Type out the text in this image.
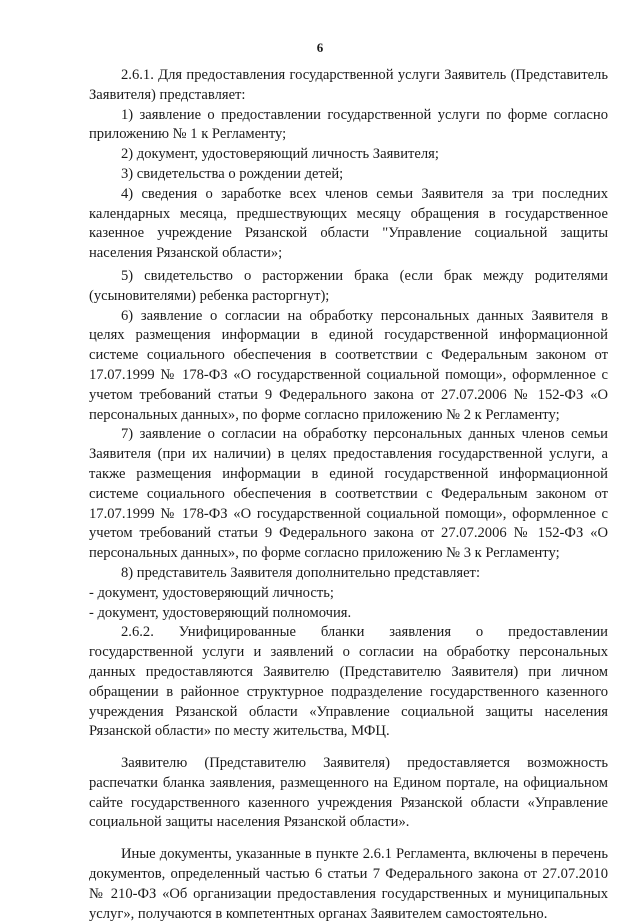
6

2.6.1. Для предоставления государственной услуги Заявитель (Представитель Заявителя) представляет:

1) заявление о предоставлении государственной услуги по форме согласно приложению № 1 к Регламенту;

2) документ, удостоверяющий личность Заявителя;

3) свидетельства о рождении детей;

4) сведения о заработке всех членов семьи Заявителя за три последних календарных месяца, предшествующих месяцу обращения в государственное казенное учреждение Рязанской области "Управление социальной защиты населения Рязанской области»;

5) свидетельство о расторжении брака (если брак между родителями (усыновителями) ребенка расторгнут);

6) заявление о согласии на обработку персональных данных Заявителя в целях размещения информации в единой государственной информационной системе социального обеспечения в соответствии с Федеральным законом от 17.07.1999 № 178-ФЗ «О государственной социальной помощи», оформленное с учетом требований статьи 9 Федерального закона от 27.07.2006 № 152-ФЗ «О персональных данных», по форме согласно приложению № 2 к Регламенту;

7) заявление о согласии на обработку персональных данных членов семьи Заявителя (при их наличии) в целях предоставления государственной услуги, а также размещения информации в единой государственной информационной системе социального обеспечения в соответствии с Федеральным законом от 17.07.1999 № 178-ФЗ «О государственной социальной помощи», оформленное с учетом требований статьи 9 Федерального закона от 27.07.2006 № 152-ФЗ «О персональных данных», по форме согласно приложению № 3 к Регламенту;

8) представитель Заявителя дополнительно представляет:

- документ, удостоверяющий личность;

- документ, удостоверяющий полномочия.

2.6.2. Унифицированные бланки заявления о предоставлении государственной услуги и заявлений о согласии на обработку персональных данных предоставляются Заявителю (Представителю Заявителя) при личном обращении в районное структурное подразделение государственного казенного учреждения Рязанской области «Управление социальной защиты населения Рязанской области» по месту жительства, МФЦ.

Заявителю (Представителю Заявителя) предоставляется возможность распечатки бланка заявления, размещенного на Едином портале, на официальном сайте государственного казенного учреждения Рязанской области «Управление социальной защиты населения Рязанской области».

Иные документы, указанные в пункте 2.6.1 Регламента, включены в перечень документов, определенный частью 6 статьи 7 Федерального закона от 27.07.2010 № 210-ФЗ «Об организации предоставления государственных и муниципальных услуг», получаются в компетентных органах Заявителем самостоятельно.
